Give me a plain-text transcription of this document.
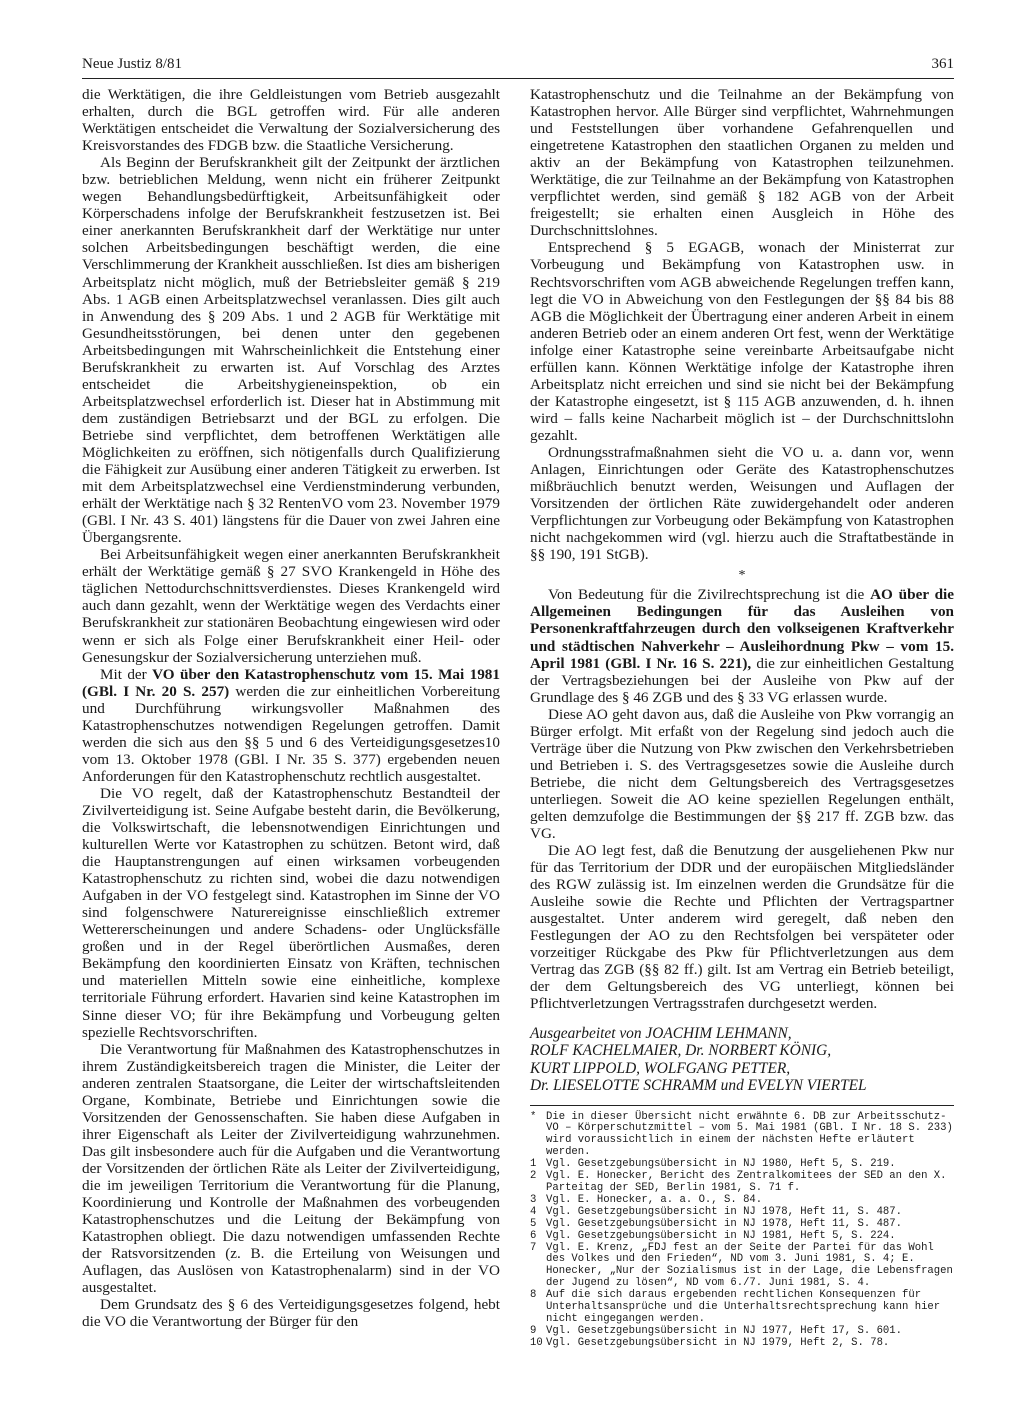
Neue Justiz 8/81	361

die Werktätigen, die ihre Geldleistungen vom Betrieb ausgezahlt erhalten, durch die BGL getroffen wird. Für alle anderen Werktätigen entscheidet die Verwaltung der Sozialversicherung des Kreisvorstandes des FDGB bzw. die Staatliche Versicherung.

Als Beginn der Berufskrankheit gilt der Zeitpunkt der ärztlichen bzw. betrieblichen Meldung, wenn nicht ein früherer Zeitpunkt wegen Behandlungsbedürftigkeit, Arbeitsunfähigkeit oder Körperschadens infolge der Berufskrankheit festzusetzen ist. Bei einer anerkannten Berufskrankheit darf der Werktätige nur unter solchen Arbeitsbedingungen beschäftigt werden, die eine Verschlimmerung der Krankheit ausschließen. Ist dies am bisherigen Arbeitsplatz nicht möglich, muß der Betriebsleiter gemäß § 219 Abs. 1 AGB einen Arbeitsplatzwechsel veranlassen. Dies gilt auch in Anwendung des § 209 Abs. 1 und 2 AGB für Werktätige mit Gesundheitsstörungen, bei denen unter den gegebenen Arbeitsbedingungen mit Wahrscheinlichkeit die Entstehung einer Berufskrankheit zu erwarten ist. Auf Vorschlag des Arztes entscheidet die Arbeitshygieneinspektion, ob ein Arbeitsplatzwechsel erforderlich ist. Dieser hat in Abstimmung mit dem zuständigen Betriebsarzt und der BGL zu erfolgen. Die Betriebe sind verpflichtet, dem betroffenen Werktätigen alle Möglichkeiten zu eröffnen, sich nötigenfalls durch Qualifizierung die Fähigkeit zur Ausübung einer anderen Tätigkeit zu erwerben. Ist mit dem Arbeitsplatzwechsel eine Verdienstminderung verbunden, erhält der Werktätige nach § 32 RentenVO vom 23. November 1979 (GBl. I Nr. 43 S. 401) längstens für die Dauer von zwei Jahren eine Übergangsrente.

Bei Arbeitsunfähigkeit wegen einer anerkannten Berufskrankheit erhält der Werktätige gemäß § 27 SVO Krankengeld in Höhe des täglichen Nettodurchschnittsverdienstes. Dieses Krankengeld wird auch dann gezahlt, wenn der Werktätige wegen des Verdachts einer Berufskrankheit zur stationären Beobachtung eingewiesen wird oder wenn er sich als Folge einer Berufskrankheit einer Heil- oder Genesungskur der Sozialversicherung unterziehen muß.

Mit der VO über den Katastrophenschutz vom 15. Mai 1981 (GBl. I Nr. 20 S. 257) werden die zur einheitlichen Vorbereitung und Durchführung wirkungsvoller Maßnahmen des Katastrophenschutzes notwendigen Regelungen getroffen. Damit werden die sich aus den §§ 5 und 6 des Verteidigungsgesetzes10 vom 13. Oktober 1978 (GBl. I Nr. 35 S. 377) ergebenden neuen Anforderungen für den Katastrophenschutz rechtlich ausgestaltet.

Die VO regelt, daß der Katastrophenschutz Bestandteil der Zivilverteidigung ist. Seine Aufgabe besteht darin, die Bevölkerung, die Volkswirtschaft, die lebensnotwendigen Einrichtungen und kulturellen Werte vor Katastrophen zu schützen. Betont wird, daß die Hauptanstrengungen auf einen wirksamen vorbeugenden Katastrophenschutz zu richten sind, wobei die dazu notwendigen Aufgaben in der VO festgelegt sind. Katastrophen im Sinne der VO sind folgenschwere Naturereignisse einschließlich extremer Wettererscheinungen und andere Schadens- oder Unglücksfälle großen und in der Regel überörtlichen Ausmaßes, deren Bekämpfung den koordinierten Einsatz von Kräften, technischen und materiellen Mitteln sowie eine einheitliche, komplexe territoriale Führung erfordert. Havarien sind keine Katastrophen im Sinne dieser VO; für ihre Bekämpfung und Vorbeugung gelten spezielle Rechtsvorschriften.

Die Verantwortung für Maßnahmen des Katastrophenschutzes in ihrem Zuständigkeitsbereich tragen die Minister, die Leiter der anderen zentralen Staatsorgane, die Leiter der wirtschaftsleitenden Organe, Kombinate, Betriebe und Einrichtungen sowie die Vorsitzenden der Genossenschaften. Sie haben diese Aufgaben in ihrer Eigenschaft als Leiter der Zivilverteidigung wahrzunehmen. Das gilt insbesondere auch für die Aufgaben und die Verantwortung der Vorsitzenden der örtlichen Räte als Leiter der Zivilverteidigung, die im jeweiligen Territorium die Verantwortung für die Planung, Koordinierung und Kontrolle der Maßnahmen des vorbeugenden Katastrophenschutzes und die Leitung der Bekämpfung von Katastrophen obliegt. Die dazu notwendigen umfassenden Rechte der Ratsvorsitzenden (z. B. die Erteilung von Weisungen und Auflagen, das Auslösen von Katastrophenalarm) sind in der VO ausgestaltet.

Dem Grundsatz des § 6 des Verteidigungsgesetzes folgend, hebt die VO die Verantwortung der Bürger für den

Katastrophenschutz und die Teilnahme an der Bekämpfung von Katastrophen hervor. Alle Bürger sind verpflichtet, Wahrnehmungen und Feststellungen über vorhandene Gefahrenquellen und eingetretene Katastrophen den staatlichen Organen zu melden und aktiv an der Bekämpfung von Katastrophen teilzunehmen. Werktätige, die zur Teilnahme an der Bekämpfung von Katastrophen verpflichtet werden, sind gemäß § 182 AGB von der Arbeit freigestellt; sie erhalten einen Ausgleich in Höhe des Durchschnittslohnes.

Entsprechend § 5 EGAGB, wonach der Ministerrat zur Vorbeugung und Bekämpfung von Katastrophen usw. in Rechtsvorschriften vom AGB abweichende Regelungen treffen kann, legt die VO in Abweichung von den Festlegungen der §§ 84 bis 88 AGB die Möglichkeit der Übertragung einer anderen Arbeit in einem anderen Betrieb oder an einem anderen Ort fest, wenn der Werktätige infolge einer Katastrophe seine vereinbarte Arbeitsaufgabe nicht erfüllen kann. Können Werktätige infolge der Katastrophe ihren Arbeitsplatz nicht erreichen und sind sie nicht bei der Bekämpfung der Katastrophe eingesetzt, ist § 115 AGB anzuwenden, d. h. ihnen wird – falls keine Nacharbeit möglich ist – der Durchschnittslohn gezahlt.

Ordnungsstrafmaßnahmen sieht die VO u. a. dann vor, wenn Anlagen, Einrichtungen oder Geräte des Katastrophenschutzes mißbräuchlich benutzt werden, Weisungen und Auflagen der Vorsitzenden der örtlichen Räte zuwidergehandelt oder anderen Verpflichtungen zur Vorbeugung oder Bekämpfung von Katastrophen nicht nachgekommen wird (vgl. hierzu auch die Straftatbestände in §§ 190, 191 StGB).

*

Von Bedeutung für die Zivilrechtsprechung ist die AO über die Allgemeinen Bedingungen für das Ausleihen von Personenkraftfahrzeugen durch den volkseigenen Kraftverkehr und städtischen Nahverkehr – Ausleihordnung Pkw – vom 15. April 1981 (GBl. I Nr. 16 S. 221), die zur einheitlichen Gestaltung der Vertragsbeziehungen bei der Ausleihe von Pkw auf der Grundlage des § 46 ZGB und des § 33 VG erlassen wurde.

Diese AO geht davon aus, daß die Ausleihe von Pkw vorrangig an Bürger erfolgt. Mit erfaßt von der Regelung sind jedoch auch die Verträge über die Nutzung von Pkw zwischen den Verkehrsbetrieben und Betrieben i. S. des Vertragsgesetzes sowie die Ausleihe durch Betriebe, die nicht dem Geltungsbereich des Vertragsgesetzes unterliegen. Soweit die AO keine speziellen Regelungen enthält, gelten demzufolge die Bestimmungen der §§ 217 ff. ZGB bzw. das VG.

Die AO legt fest, daß die Benutzung der ausgeliehenen Pkw nur für das Territorium der DDR und der europäischen Mitgliedsländer des RGW zulässig ist. Im einzelnen werden die Grundsätze für die Ausleihe sowie die Rechte und Pflichten der Vertragspartner ausgestaltet. Unter anderem wird geregelt, daß neben den Festlegungen der AO zu den Rechtsfolgen bei verspäteter oder vorzeitiger Rückgabe des Pkw für Pflichtverletzungen aus dem Vertrag das ZGB (§§ 82 ff.) gilt. Ist am Vertrag ein Betrieb beteiligt, der dem Geltungsbereich des VG unterliegt, können bei Pflichtverletzungen Vertragsstrafen durchgesetzt werden.

Ausgearbeitet von JOACHIM LEHMANN,
ROLF KACHELMAIER, Dr. NORBERT KÖNIG,
KURT LIPPOLD, WOLFGANG PETTER,
Dr. LIESELOTTE SCHRAMM und EVELYN VIERTEL
* Die in dieser Übersicht nicht erwähnte 6. DB zur Arbeitsschutz-VO – Körperschutzmittel – vom 5. Mai 1981 (GBl. I Nr. 18 S. 233) wird voraussichtlich in einem der nächsten Hefte erläutert werden.
1 Vgl. Gesetzgebungsübersicht in NJ 1980, Heft 5, S. 219.
2 Vgl. E. Honecker, Bericht des Zentralkomitees der SED an den X. Parteitag der SED, Berlin 1981, S. 71 f.
3 Vgl. E. Honecker, a. a. O., S. 84.
4 Vgl. Gesetzgebungsübersicht in NJ 1978, Heft 11, S. 487.
5 Vgl. Gesetzgebungsübersicht in NJ 1978, Heft 11, S. 487.
6 Vgl. Gesetzgebungsübersicht in NJ 1981, Heft 5, S. 224.
7 Vgl. E. Krenz, „FDJ fest an der Seite der Partei für das Wohl des Volkes und den Frieden“, ND vom 3. Juni 1981, S. 4; E. Honecker, „Nur der Sozialismus ist in der Lage, die Lebensfragen der Jugend zu lösen“, ND vom 6./7. Juni 1981, S. 4.
8 Auf die sich daraus ergebenden rechtlichen Konsequenzen für Unterhaltsansprüche und die Unterhaltsrechtsprechung kann hier nicht eingegangen werden.
9 Vgl. Gesetzgebungsübersicht in NJ 1977, Heft 17, S. 601.
10 Vgl. Gesetzgebungsübersicht in NJ 1979, Heft 2, S. 78.
